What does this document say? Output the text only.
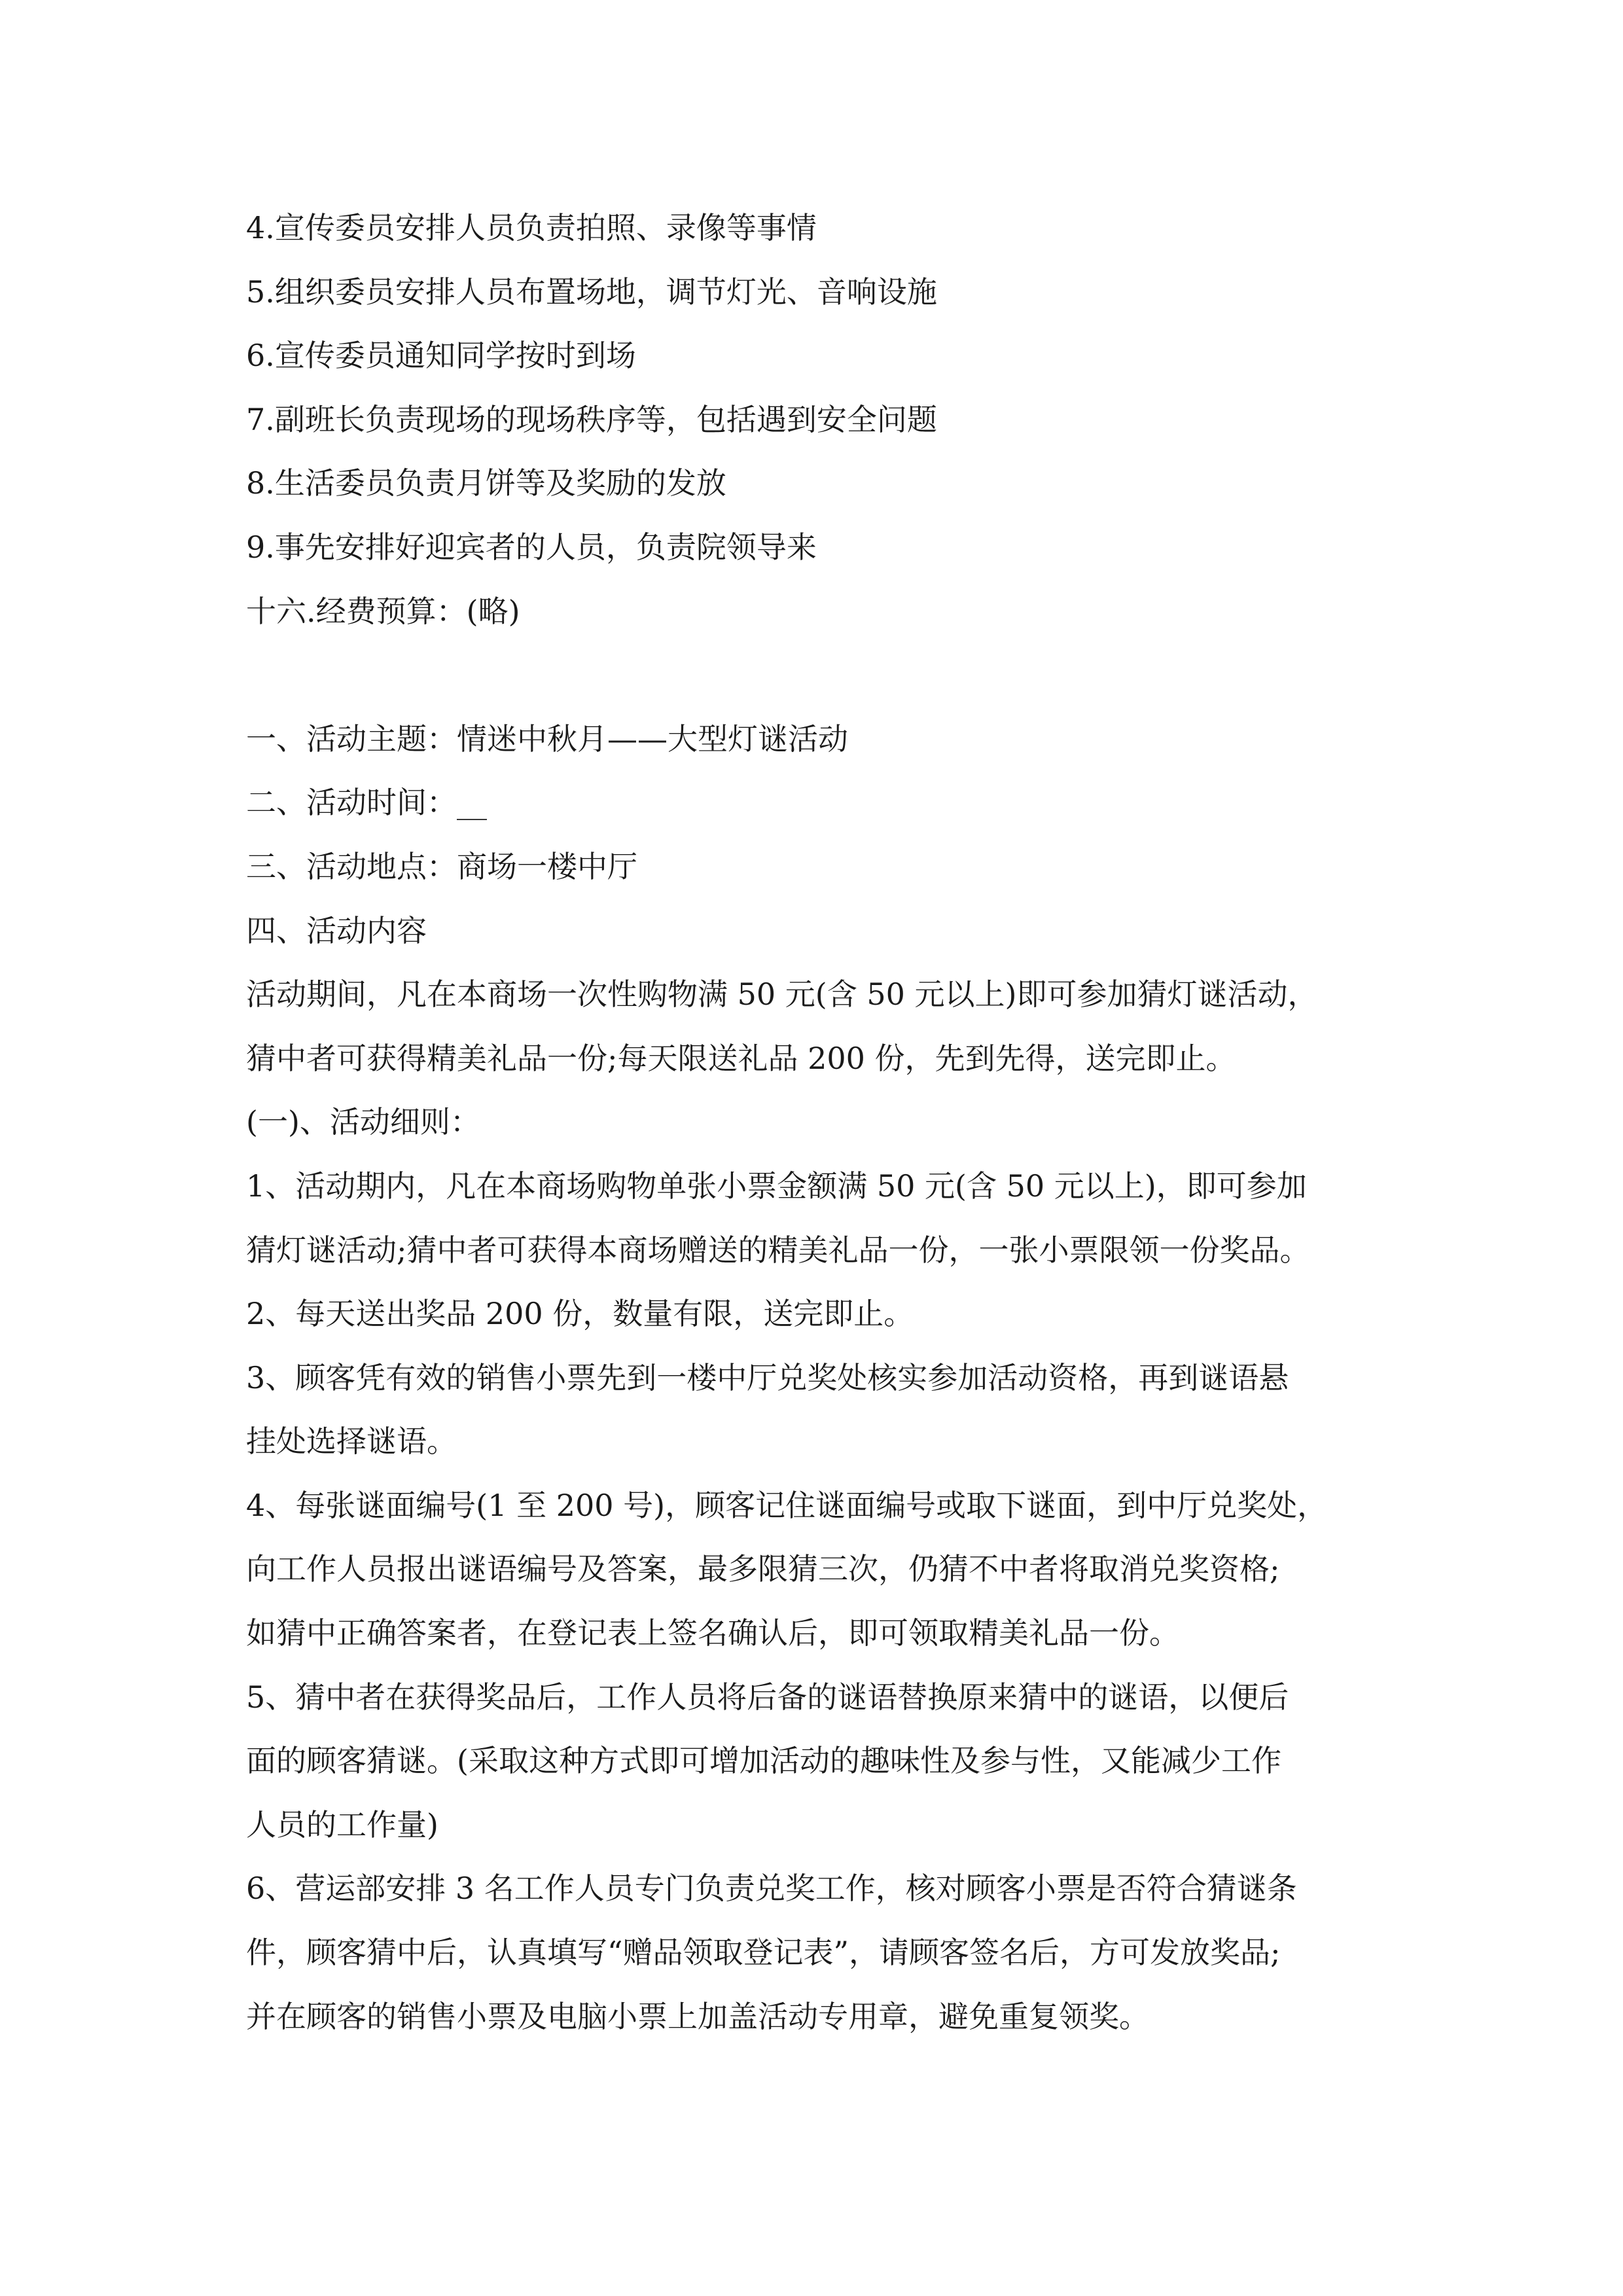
4.宣传委员安排人员负责拍照、录像等事情
5.组织委员安排人员布置场地，调节灯光、音响设施
6.宣传委员通知同学按时到场
7.副班长负责现场的现场秩序等，包括遇到安全问题
8.生活委员负责月饼等及奖励的发放
9.事先安排好迎宾者的人员，负责院领导来
十六.经费预算：(略)
一、活动主题：情迷中秋月——大型灯谜活动
二、活动时间：__
三、活动地点：商场一楼中厅
四、活动内容
活动期间，凡在本商场一次性购物满 50 元(含 50 元以上)即可参加猜灯谜活动，
猜中者可获得精美礼品一份;每天限送礼品 200 份，先到先得，送完即止。
(一)、活动细则：
1、活动期内，凡在本商场购物单张小票金额满 50 元(含 50 元以上)，即可参加
猜灯谜活动;猜中者可获得本商场赠送的精美礼品一份，一张小票限领一份奖品。
2、每天送出奖品 200 份，数量有限，送完即止。
3、顾客凭有效的销售小票先到一楼中厅兑奖处核实参加活动资格，再到谜语悬
挂处选择谜语。
4、每张谜面编号(1 至 200 号)，顾客记住谜面编号或取下谜面，到中厅兑奖处，
向工作人员报出谜语编号及答案，最多限猜三次，仍猜不中者将取消兑奖资格;
如猜中正确答案者，在登记表上签名确认后，即可领取精美礼品一份。
5、猜中者在获得奖品后，工作人员将后备的谜语替换原来猜中的谜语，以便后
面的顾客猜谜。(采取这种方式即可增加活动的趣味性及参与性，又能减少工作
人员的工作量)
6、营运部安排 3 名工作人员专门负责兑奖工作，核对顾客小票是否符合猜谜条
件，顾客猜中后，认真填写“赠品领取登记表”，请顾客签名后，方可发放奖品;
并在顾客的销售小票及电脑小票上加盖活动专用章，避免重复领奖。
